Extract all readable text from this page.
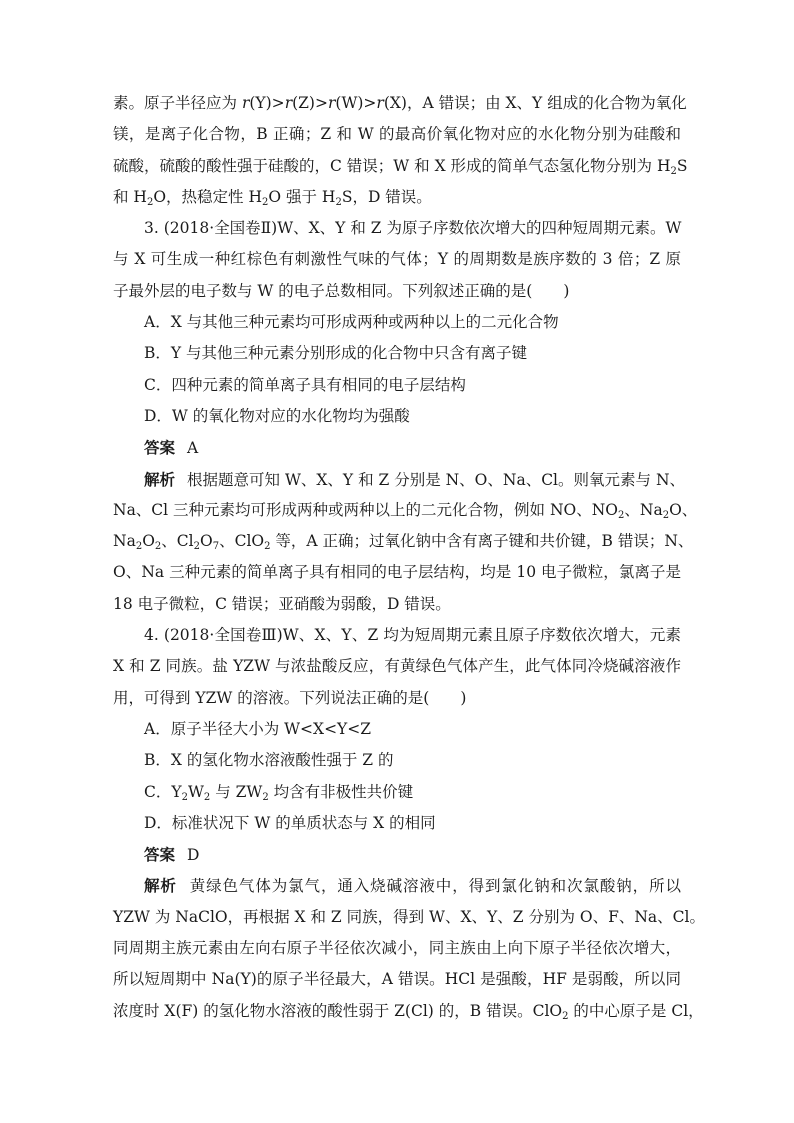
素。原子半径应为 r(Y)>r(Z)>r(W)>r(X)，A 错误；由 X、Y 组成的化合物为氧化
镁，是离子化合物，B 正确；Z 和 W 的最高价氧化物对应的水化物分别为硅酸和
硫酸，硫酸的酸性强于硅酸的，C 错误；W 和 X 形成的简单气态氢化物分别为 $H_2S$
和 $H_2O$，热稳定性 $H_2O$ 强于 $H_2S$，D 错误。
3. (2018·全国卷Ⅱ)W、X、Y 和 Z 为原子序数依次增大的四种短周期元素。W
与 X 可生成一种红棕色有刺激性气味的气体；Y 的周期数是族序数的 3 倍；Z 原
子最外层的电子数与 W 的电子总数相同。下列叙述正确的是(　　)
A．X 与其他三种元素均可形成两种或两种以上的二元化合物
B．Y 与其他三种元素分别形成的化合物中只含有离子键
C．四种元素的简单离子具有相同的电子层结构
D．W 的氧化物对应的水化物均为强酸
答案 A
解析 根据题意可知 W、X、Y 和 Z 分别是 N、O、Na、Cl。则氧元素与 N、
Na、Cl 三种元素均可形成两种或两种以上的二元化合物，例如 NO、$NO_2$、$Na_2O$、
$Na_2O_2$、$Cl_2O_7$、ClO$_2$ 等，A 正确；过氧化钠中含有离子键和共价键，B 错误；N、
O、Na 三种元素的简单离子具有相同的电子层结构，均是 10 电子微粒，氯离子是
18 电子微粒，C 错误；亚硝酸为弱酸，D 错误。
4. (2018·全国卷Ⅲ)W、X、Y、Z 均为短周期元素且原子序数依次增大，元素
X 和 Z 同族。盐 YZW 与浓盐酸反应，有黄绿色气体产生，此气体同冷烧碱溶液作
用，可得到 YZW 的溶液。下列说法正确的是(　　)
A．原子半径大小为 W<X<Y<Z
B．X 的氢化物水溶液酸性强于 Z 的
C．$Y_2W_2$ 与 $ZW_2$ 均含有非极性共价键
D．标准状况下 W 的单质状态与 X 的相同
答案 D
解析 黄绿色气体为氯气，通入烧碱溶液中，得到氯化钠和次氯酸钠，所以
YZW 为 NaClO，再根据 X 和 Z 同族，得到 W、X、Y、Z 分别为 O、F、Na、Cl。
同周期主族元素由左向右原子半径依次减小，同主族由上向下原子半径依次增大，
所以短周期中 Na(Y)的原子半径最大，A 错误。HCl 是强酸，HF 是弱酸，所以同
浓度时 X(F) 的氢化物水溶液的酸性弱于 Z(Cl) 的，B 错误。ClO$_2$ 的中心原子是 Cl，
